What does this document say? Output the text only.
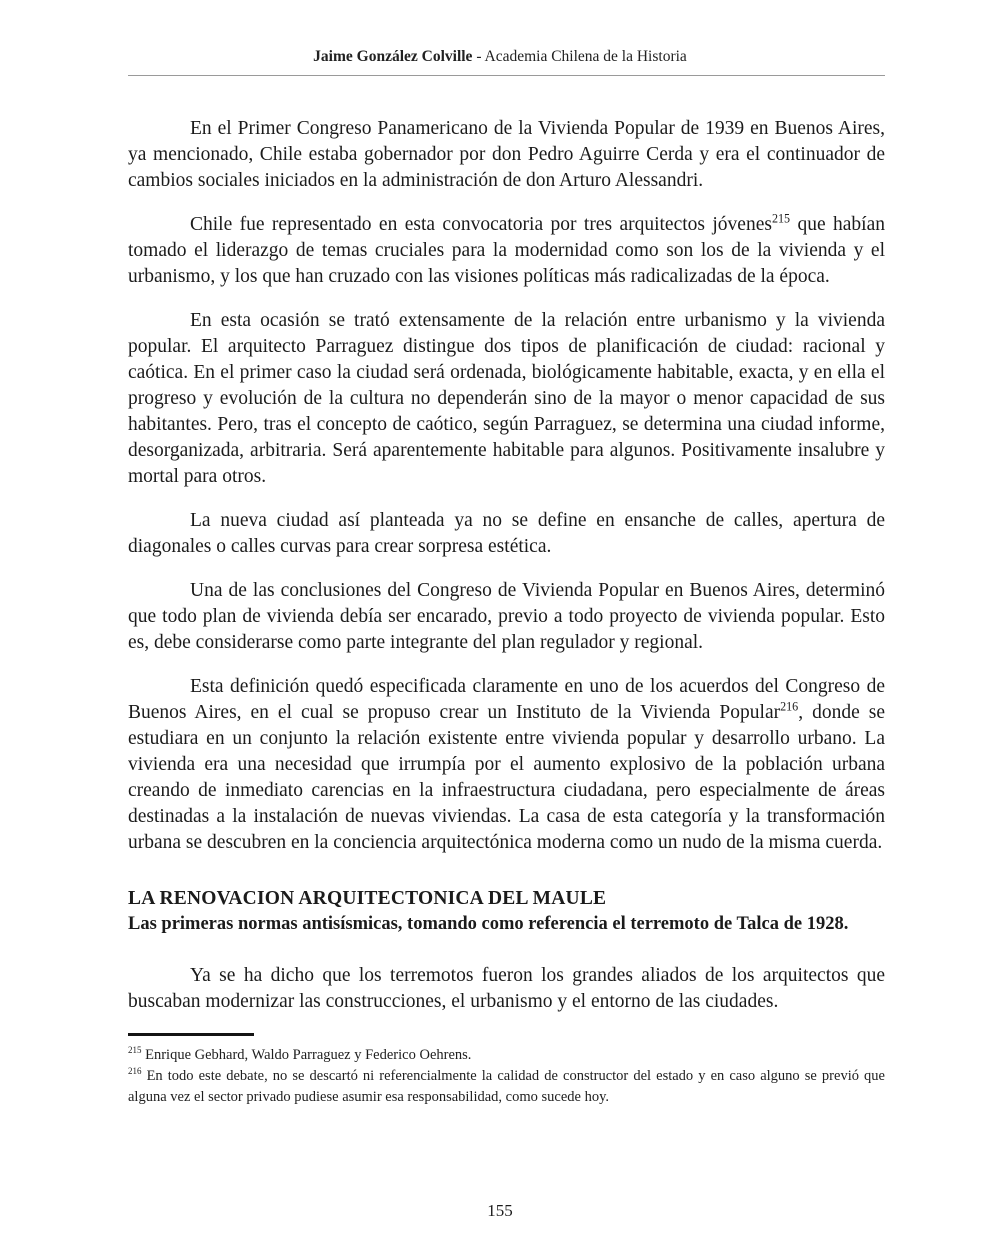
Jaime González Colville - Academia Chilena de la Historia

En el Primer Congreso Panamericano de la Vivienda Popular de 1939 en Buenos Aires, ya mencionado, Chile estaba gobernador por don Pedro Aguirre Cerda y era el continuador de cambios sociales iniciados en la administración de don Arturo Alessandri.

Chile fue representado en esta convocatoria por tres arquitectos jóvenes$^{215}$ que habían tomado el liderazgo de temas cruciales para la modernidad como son los de la vivienda y el urbanismo, y los que han cruzado con las visiones políticas más radicalizadas de la época.

En esta ocasión se trató extensamente de la relación entre urbanismo y la vivienda popular. El arquitecto Parraguez distingue dos tipos de planificación de ciudad: racional y caótica. En el primer caso la ciudad será ordenada, biológicamente habitable, exacta, y en ella el progreso y evolución de la cultura no dependerán sino de la mayor o menor capacidad de sus habitantes. Pero, tras el concepto de caótico, según Parraguez, se determina una ciudad informe, desorganizada, arbitraria. Será aparentemente habitable para algunos. Positivamente insalubre y mortal para otros.

La nueva ciudad así planteada ya no se define en ensanche de calles, apertura de diagonales o calles curvas para crear sorpresa estética.

Una de las conclusiones del Congreso de Vivienda Popular en Buenos Aires, determinó que todo plan de vivienda debía ser encarado, previo a todo proyecto de vivienda popular. Esto es, debe considerarse como parte integrante del plan regulador y regional.

Esta definición quedó especificada claramente en uno de los acuerdos del Congreso de Buenos Aires, en el cual se propuso crear un Instituto de la Vivienda Popular$^{216}$, donde se estudiara en un conjunto la relación existente entre vivienda popular y desarrollo urbano. La vivienda era una necesidad que irrumpía por el aumento explosivo de la población urbana creando de inmediato carencias en la infraestructura ciudadana, pero especialmente de áreas destinadas a la instalación de nuevas viviendas. La casa de esta categoría y la transformación urbana se descubren en la conciencia arquitectónica moderna como un nudo de la misma cuerda.

LA RENOVACION ARQUITECTONICA DEL MAULE
Las primeras normas antisísmicas, tomando como referencia el terremoto de Talca de 1928.

Ya se ha dicho que los terremotos fueron los grandes aliados de los arquitectos que buscaban modernizar las construcciones, el urbanismo y el entorno de las ciudades.

$^{215}$ Enrique Gebhard, Waldo Parraguez y Federico Oehrens.

$^{216}$ En todo este debate, no se descartó ni referencialmente la calidad de constructor del estado y en caso alguno se previó que alguna vez el sector privado pudiese asumir esa responsabilidad, como sucede hoy.

155
